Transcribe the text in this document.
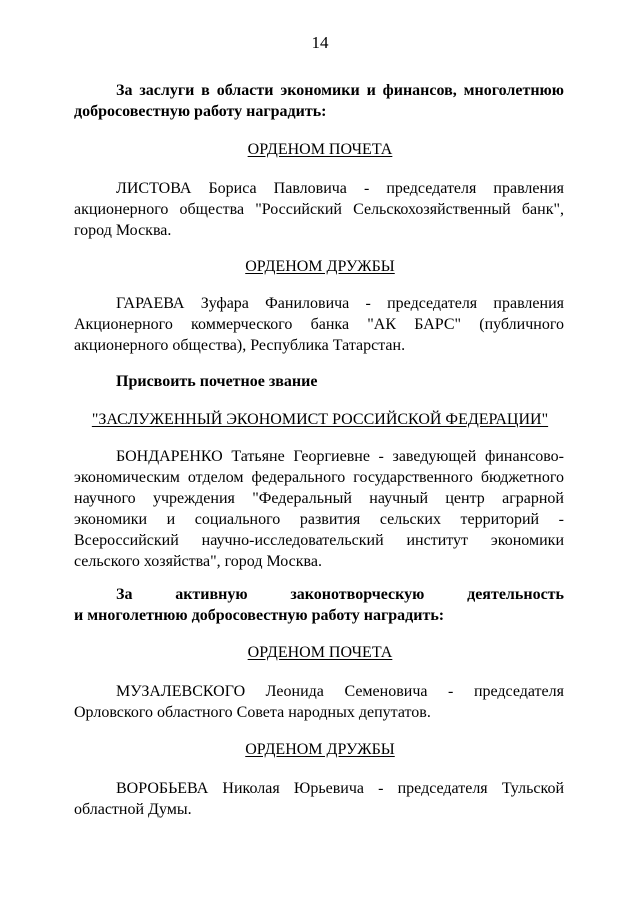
14
За заслуги в области экономики и финансов, многолетнюю
добросовестную работу наградить:
ОРДЕНОМ ПОЧЕТА
ЛИСТОВА Бориса Павловича - председателя правления акционерного общества "Российский Сельскохозяйственный банк", город Москва.
ОРДЕНОМ ДРУЖБЫ
ГАРАЕВА Зуфара Фаниловича - председателя правления Акционерного коммерческого банка "АК БАРС" (публичного акционерного общества), Республика Татарстан.
Присвоить почетное звание
"ЗАСЛУЖЕННЫЙ ЭКОНОМИСТ РОССИЙСКОЙ ФЕДЕРАЦИИ"
БОНДАРЕНКО Татьяне Георгиевне - заведующей финансово-экономическим отделом федерального государственного бюджетного научного учреждения "Федеральный научный центр аграрной экономики и социального развития сельских территорий - Всероссийский научно-исследовательский институт экономики сельского хозяйства", город Москва.
За активную законотворческую деятельность
и многолетнюю добросовестную работу наградить:
ОРДЕНОМ ПОЧЕТА
МУЗАЛЕВСКОГО Леонида Семеновича - председателя Орловского областного Совета народных депутатов.
ОРДЕНОМ ДРУЖБЫ
ВОРОБЬЕВА Николая Юрьевича - председателя Тульской областной Думы.
